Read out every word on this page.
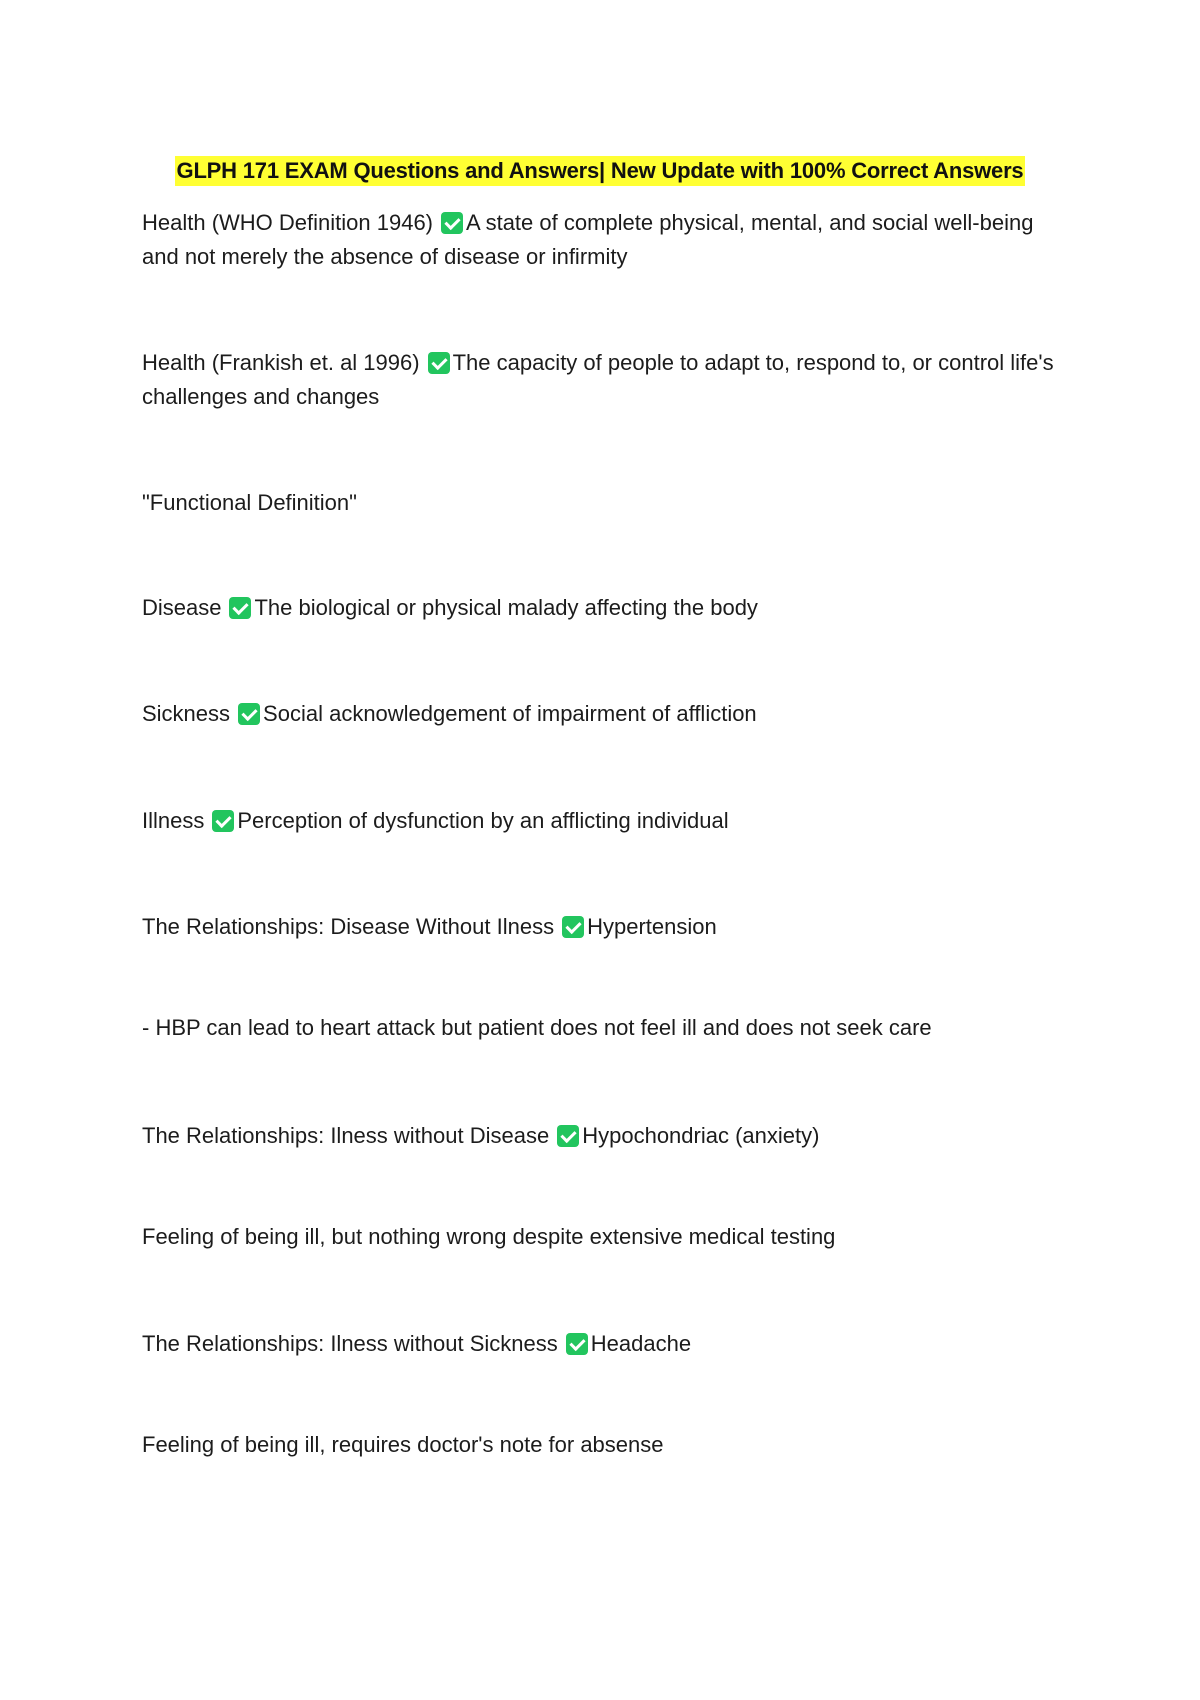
GLPH 171 EXAM Questions and Answers| New Update with 100% Correct Answers
Health (WHO Definition 1946) A state of complete physical, mental, and social well-being and not merely the absence of disease or infirmity
Health (Frankish et. al 1996) The capacity of people to adapt to, respond to, or control life's challenges and changes
"Functional Definition"
Disease The biological or physical malady affecting the body
Sickness Social acknowledgement of impairment of affliction
Illness Perception of dysfunction by an afflicting individual
The Relationships: Disease Without Ilness Hypertension
- HBP can lead to heart attack but patient does not feel ill and does not seek care
The Relationships: Ilness without Disease Hypochondriac (anxiety)
Feeling of being ill, but nothing wrong despite extensive medical testing
The Relationships: Ilness without Sickness Headache
Feeling of being ill, requires doctor's note for absense
